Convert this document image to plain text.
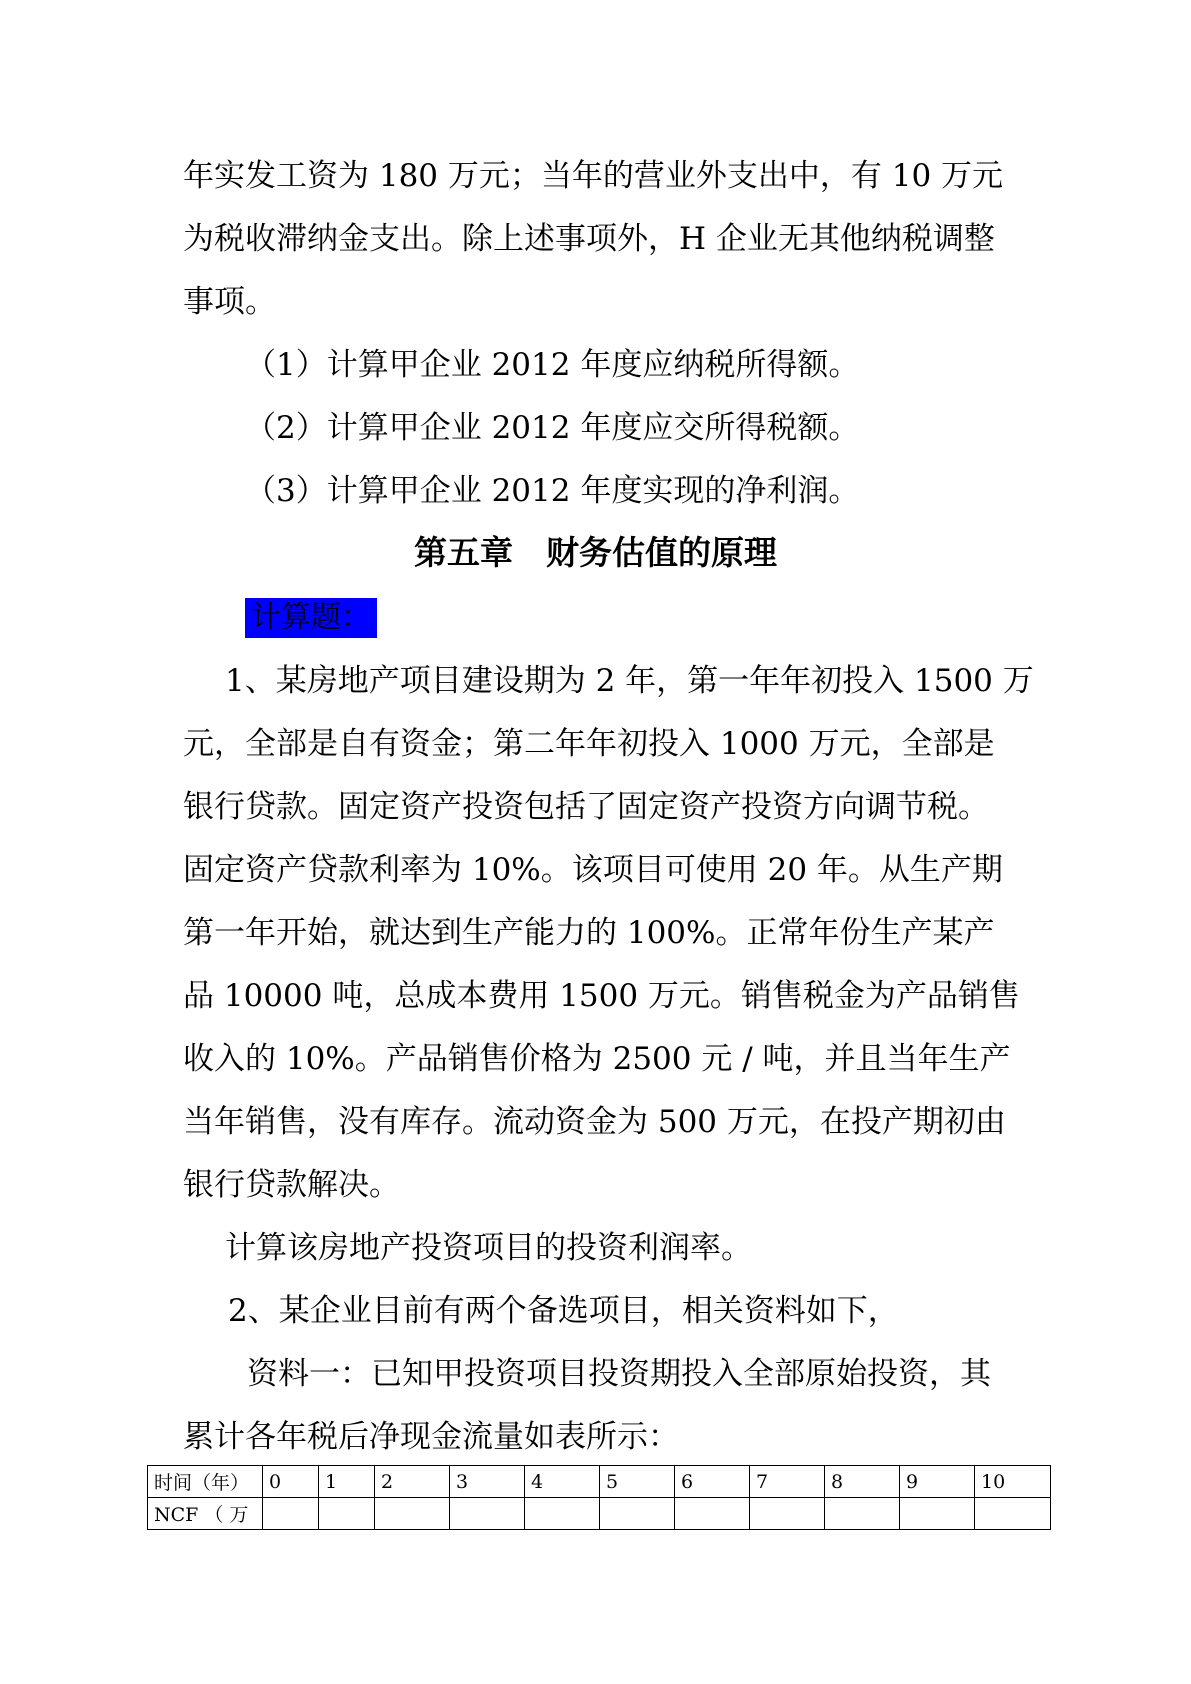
年实发工资为 180 万元；当年的营业外支出中，有 10 万元
为税收滞纳金支出。除上述事项外，H 企业无其他纳税调整
事项。

（1）计算甲企业 2012 年度应纳税所得额。

（2）计算甲企业 2012 年度应交所得税额。

（3）计算甲企业 2012 年度实现的净利润。

第五章　财务估值的原理
计算题：

1、某房地产项目建设期为 2 年，第一年年初投入 1500 万
元，全部是自有资金；第二年年初投入 1000 万元，全部是
银行贷款。固定资产投资包括了固定资产投资方向调节税。
固定资产贷款利率为 10%。该项目可使用 20 年。从生产期
第一年开始，就达到生产能力的 100%。正常年份生产某产
品 10000 吨，总成本费用 1500 万元。销售税金为产品销售
收入的 10%。产品销售价格为 2500 元 / 吨，并且当年生产
当年销售，没有库存。流动资金为 500 万元，在投产期初由
银行贷款解决。

计算该房地产投资项目的投资利润率。

2、某企业目前有两个备选项目，相关资料如下，

资料一：已知甲投资项目投资期投入全部原始投资，其
累计各年税后净现金流量如表所示：

时间（年）	0	1	2	3	4	5	6	7	8	9	10
NCF （ 万											
